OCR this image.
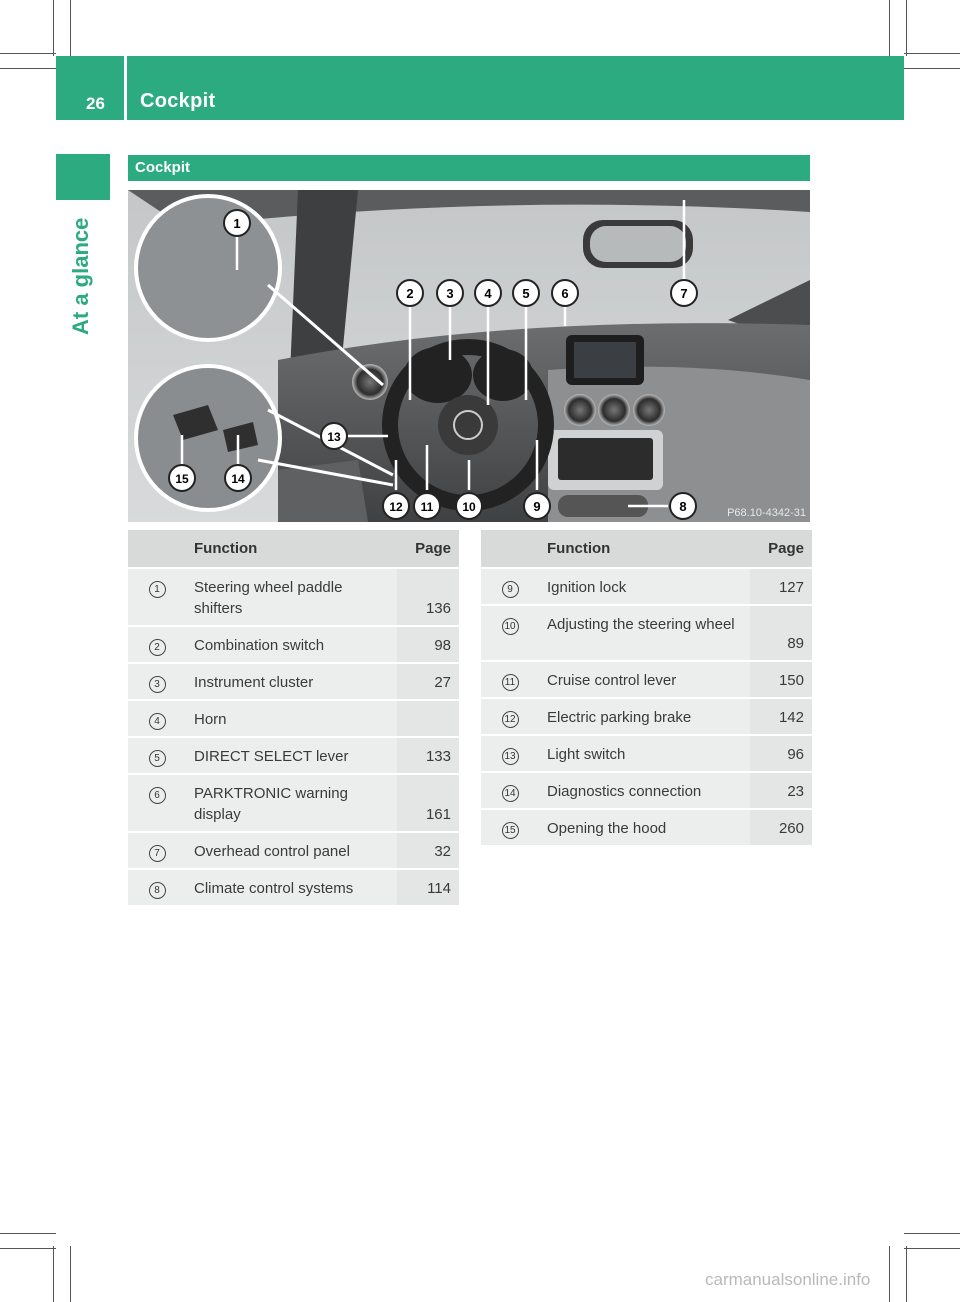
26 Cockpit
At a glance
Cockpit
1
2	3 4 5 6	7
8
9
10
11
12
13
14
15
P68.10-4342-31
	Function	Page
1	Steering wheel paddle shifters	136
2	Combination switch	98
3	Instrument cluster	27
4	Horn	
5	DIRECT SELECT lever	133
6	PARKTRONIC warning display	161
7	Overhead control panel	32
8	Climate control systems	114
	Function	Page
9	Ignition lock	127
10	Adjusting the steering wheel	89
11	Cruise control lever	150
12	Electric parking brake	142
13	Light switch	96
14	Diagnostics connection	23
15	Opening the hood	260
carmanualsonline.info
